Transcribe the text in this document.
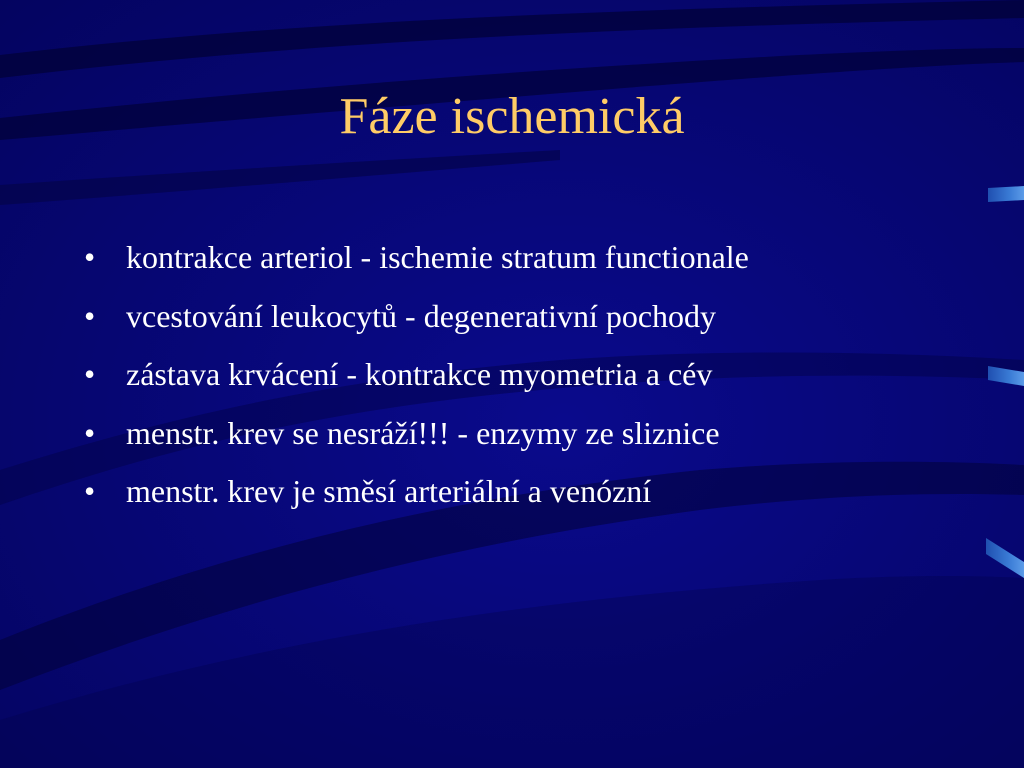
Fáze ischemická
• kontrakce arteriol - ischemie stratum functionale
• vcestování leukocytů - degenerativní pochody
• zástava krvácení - kontrakce myometria a cév
• menstr. krev se nesráží!!! - enzymy ze sliznice
• menstr. krev je směsí arteriální a venózní
